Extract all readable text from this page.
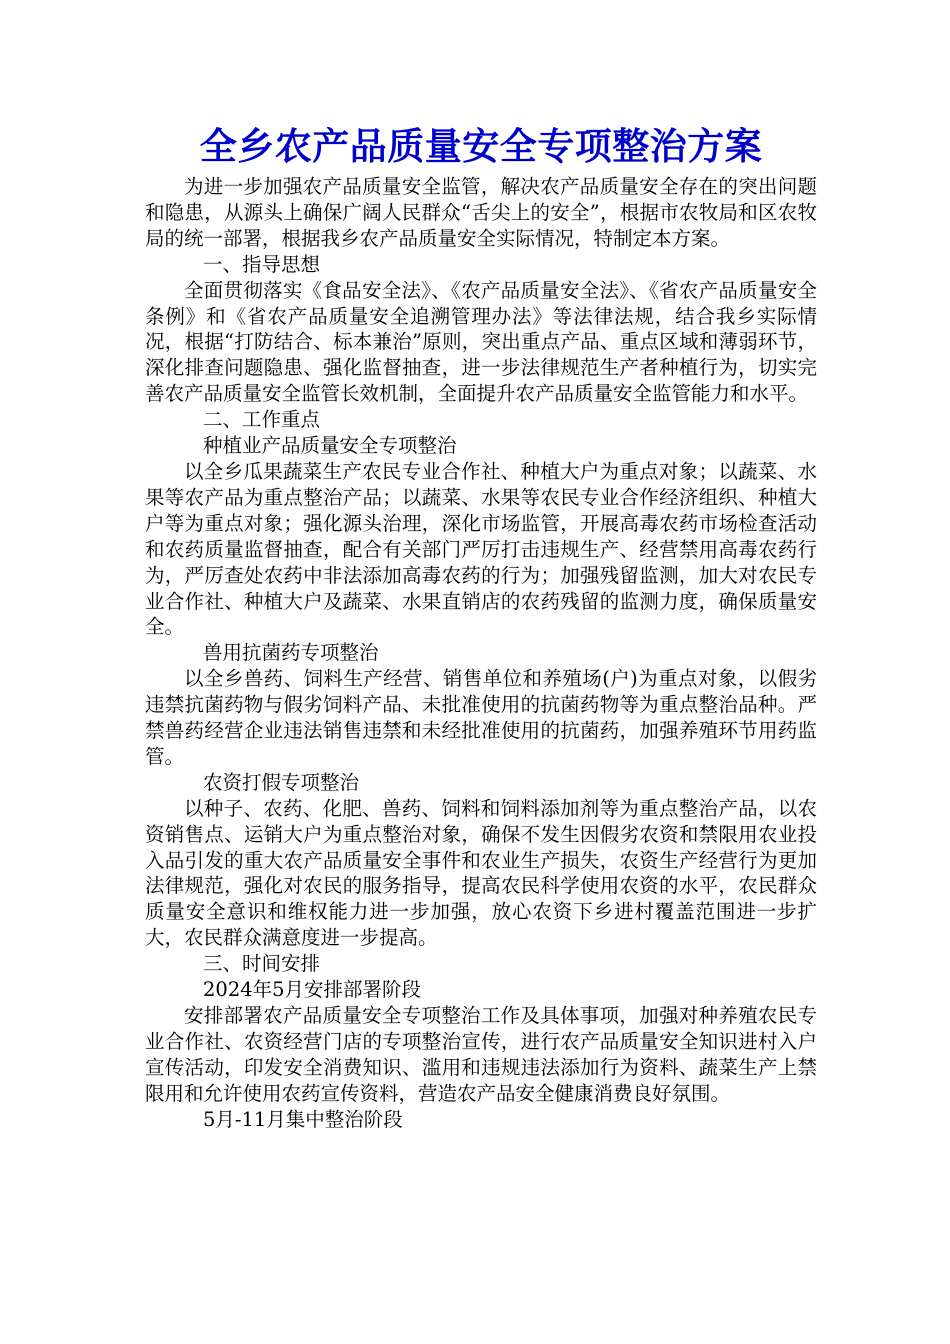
全乡农产品质量安全专项整治方案

为进一步加强农产品质量安全监管，解决农产品质量安全存在的突出问题和隐患，从源头上确保广阔人民群众“舌尖上的安全”，根据市农牧局和区农牧局的统一部署，根据我乡农产品质量安全实际情况，特制定本方案。

一、指导思想

全面贯彻落实《食品安全法》、《农产品质量安全法》、《省农产品质量安全条例》和《省农产品质量安全追溯管理办法》等法律法规，结合我乡实际情况，根据“打防结合、标本兼治”原则，突出重点产品、重点区域和薄弱环节，深化排查问题隐患、强化监督抽查，进一步法律规范生产者种植行为，切实完善农产品质量安全监管长效机制，全面提升农产品质量安全监管能力和水平。

二、工作重点

种植业产品质量安全专项整治

以全乡瓜果蔬菜生产农民专业合作社、种植大户为重点对象；以蔬菜、水果等农产品为重点整治产品；以蔬菜、水果等农民专业合作经济组织、种植大户等为重点对象；强化源头治理，深化市场监管，开展高毒农药市场检查活动和农药质量监督抽查，配合有关部门严厉打击违规生产、经营禁用高毒农药行为，严厉查处农药中非法添加高毒农药的行为；加强残留监测，加大对农民专业合作社、种植大户及蔬菜、水果直销店的农药残留的监测力度，确保质量安全。

兽用抗菌药专项整治

以全乡兽药、饲料生产经营、销售单位和养殖场(户)为重点对象，以假劣违禁抗菌药物与假劣饲料产品、未批准使用的抗菌药物等为重点整治品种。严禁兽药经营企业违法销售违禁和未经批准使用的抗菌药，加强养殖环节用药监管。

农资打假专项整治

以种子、农药、化肥、兽药、饲料和饲料添加剂等为重点整治产品，以农资销售点、运销大户为重点整治对象，确保不发生因假劣农资和禁限用农业投入品引发的重大农产品质量安全事件和农业生产损失，农资生产经营行为更加法律规范，强化对农民的服务指导，提高农民科学使用农资的水平，农民群众质量安全意识和维权能力进一步加强，放心农资下乡进村覆盖范围进一步扩大，农民群众满意度进一步提高。

三、时间安排

2024年5月安排部署阶段

安排部署农产品质量安全专项整治工作及具体事项，加强对种养殖农民专业合作社、农资经营门店的专项整治宣传，进行农产品质量安全知识进村入户宣传活动，印发安全消费知识、滥用和违规违法添加行为资料、蔬菜生产上禁限用和允许使用农药宣传资料，营造农产品安全健康消费良好氛围。

5月-11月集中整治阶段
